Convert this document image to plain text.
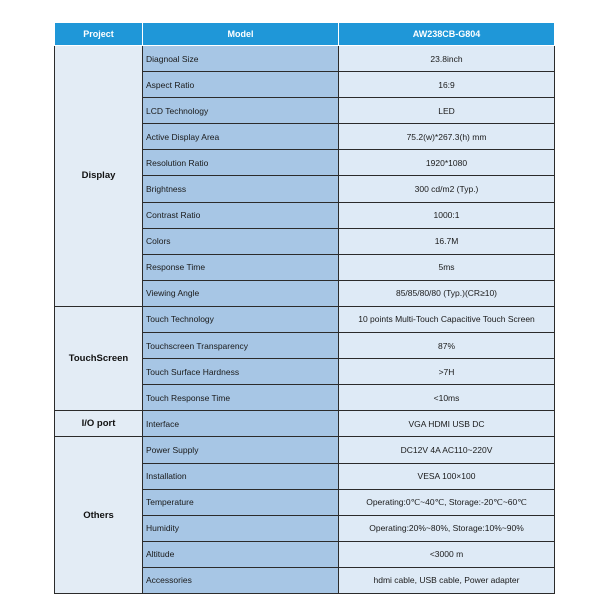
Project	Model	AW238CB-G804
Display	Diagnoal Size	23.8inch
	Aspect Ratio	16:9
	LCD Technology	LED
	Active Display Area	75.2(w)*267.3(h) mm
	Resolution Ratio	1920*1080
	Brightness	300 cd/m2 (Typ.)
	Contrast Ratio	1000:1
	Colors	16.7M
	Response Time	5ms
	Viewing Angle	85/85/80/80 (Typ.)(CR≥10)
TouchScreen	Touch Technology	10 points Multi-Touch Capacitive Touch Screen
	Touchscreen Transparency	87%
	Touch Surface Hardness	>7H
	Touch Response Time	<10ms
I/O port	Interface	VGA HDMI USB DC
Others	Power Supply	DC12V 4A AC110~220V
	Installation	VESA 100×100
	Temperature	Operating:0℃~40℃, Storage:-20℃~60℃
	Humidity	Operating:20%~80%, Storage:10%~90%
	Altitude	<3000 m
	Accessories	hdmi cable, USB cable, Power adapter
